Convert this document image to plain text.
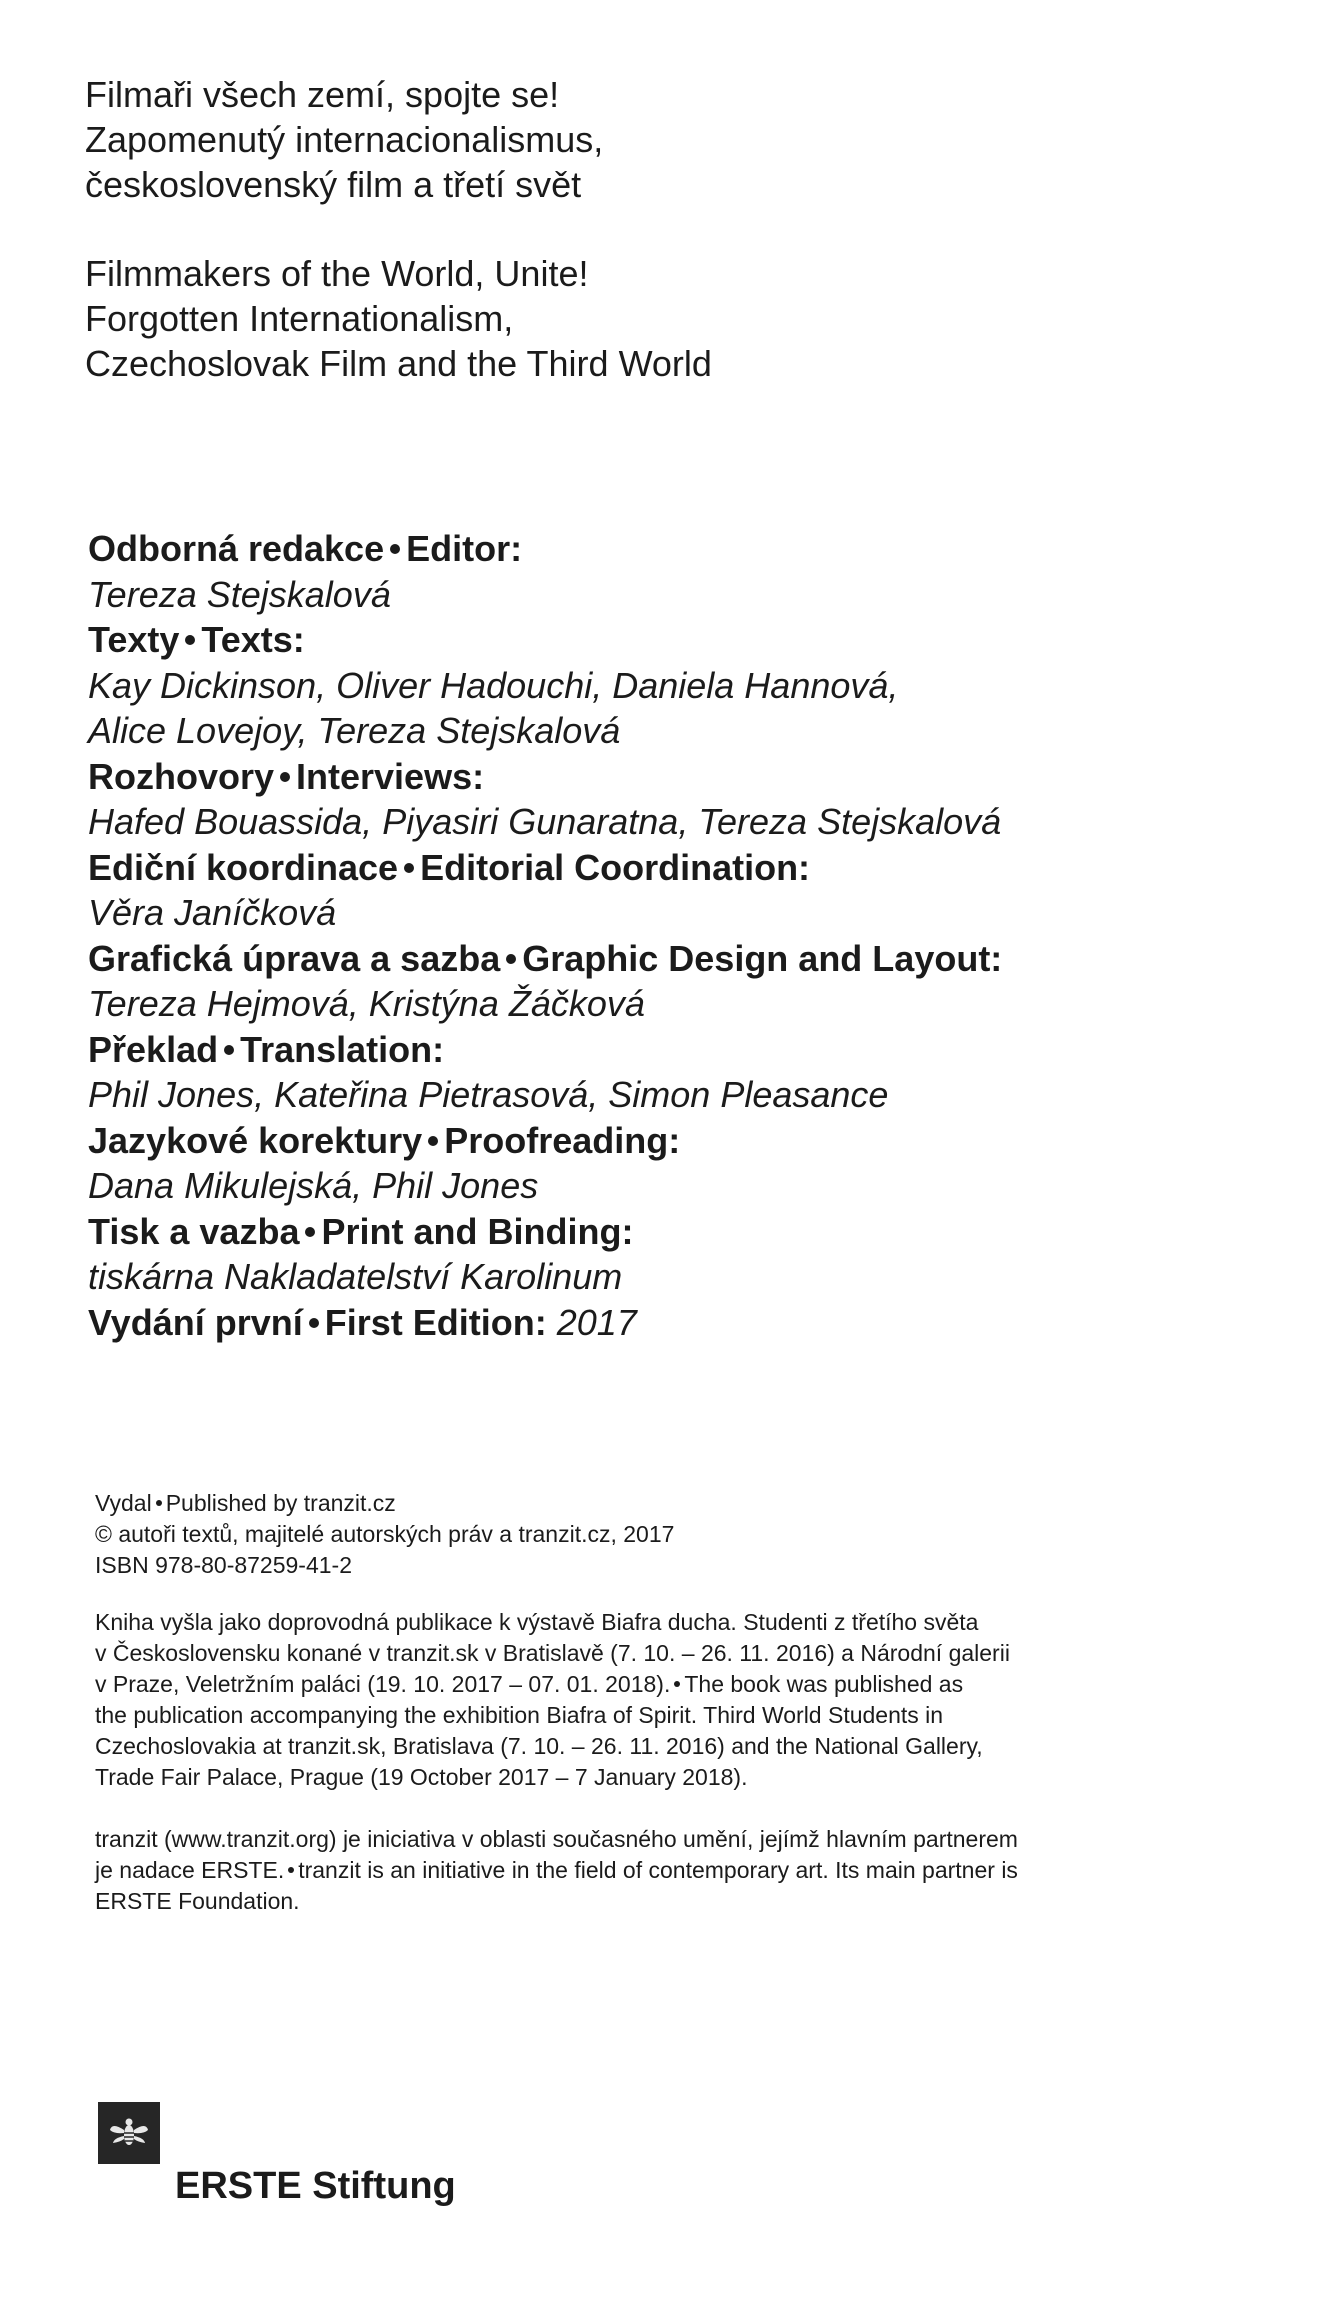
Filmaři všech zemí, spojte se!

Zapomenutý internacionalismus,

československý film a třetí svět

Filmmakers of the World, Unite!

Forgotten Internationalism,

Czechoslovak Film and the Third World

Odborná redakce Editor:

Tereza Stejskalová

Texty Texts:

Kay Dickinson, Oliver Hadouchi, Daniela Hannová,

Alice Lovejoy, Tereza Stejskalová

Rozhovory Interviews:

Hafed Bouassida, Piyasiri Gunaratna, Tereza Stejskalová

Ediční koordinace Editorial Coordination:

Věra Janíčková

Grafická úprava a sazba Graphic Design and Layout:

Tereza Hejmová, Kristýna Žáčková

Překlad Translation:

Phil Jones, Kateřina Pietrasová, Simon Pleasance

Jazykové korektury Proofreading:

Dana Mikulejská, Phil Jones

Tisk a vazba Print and Binding:

tiskárna Nakladatelství Karolinum

Vydání první First Edition: 2017

Vydal Published by tranzit.cz

© autoři textů, majitelé autorských práv a tranzit.cz, 2017

ISBN 978-80-87259-41-2

Kniha vyšla jako doprovodná publikace k výstavě Biafra ducha. Studenti z třetího světa

v Československu konané v tranzit.sk v Bratislavě (7. 10. – 26. 11. 2016) a Národní galerii

v Praze, Veletržním paláci (19. 10. 2017 – 07. 01. 2018). The book was published as

the publication accompanying the exhibition Biafra of Spirit. Third World Students in

Czechoslovakia at tranzit.sk, Bratislava (7. 10. – 26. 11. 2016) and the National Gallery,

Trade Fair Palace, Prague (19 October 2017 – 7 January 2018).

tranzit (www.tranzit.org) je iniciativa v oblasti současného umění, jejímž hlavním partnerem

je nadace ERSTE. tranzit is an initiative in the field of contemporary art. Its main partner is

ERSTE Foundation.

ERSTE Stiftung
